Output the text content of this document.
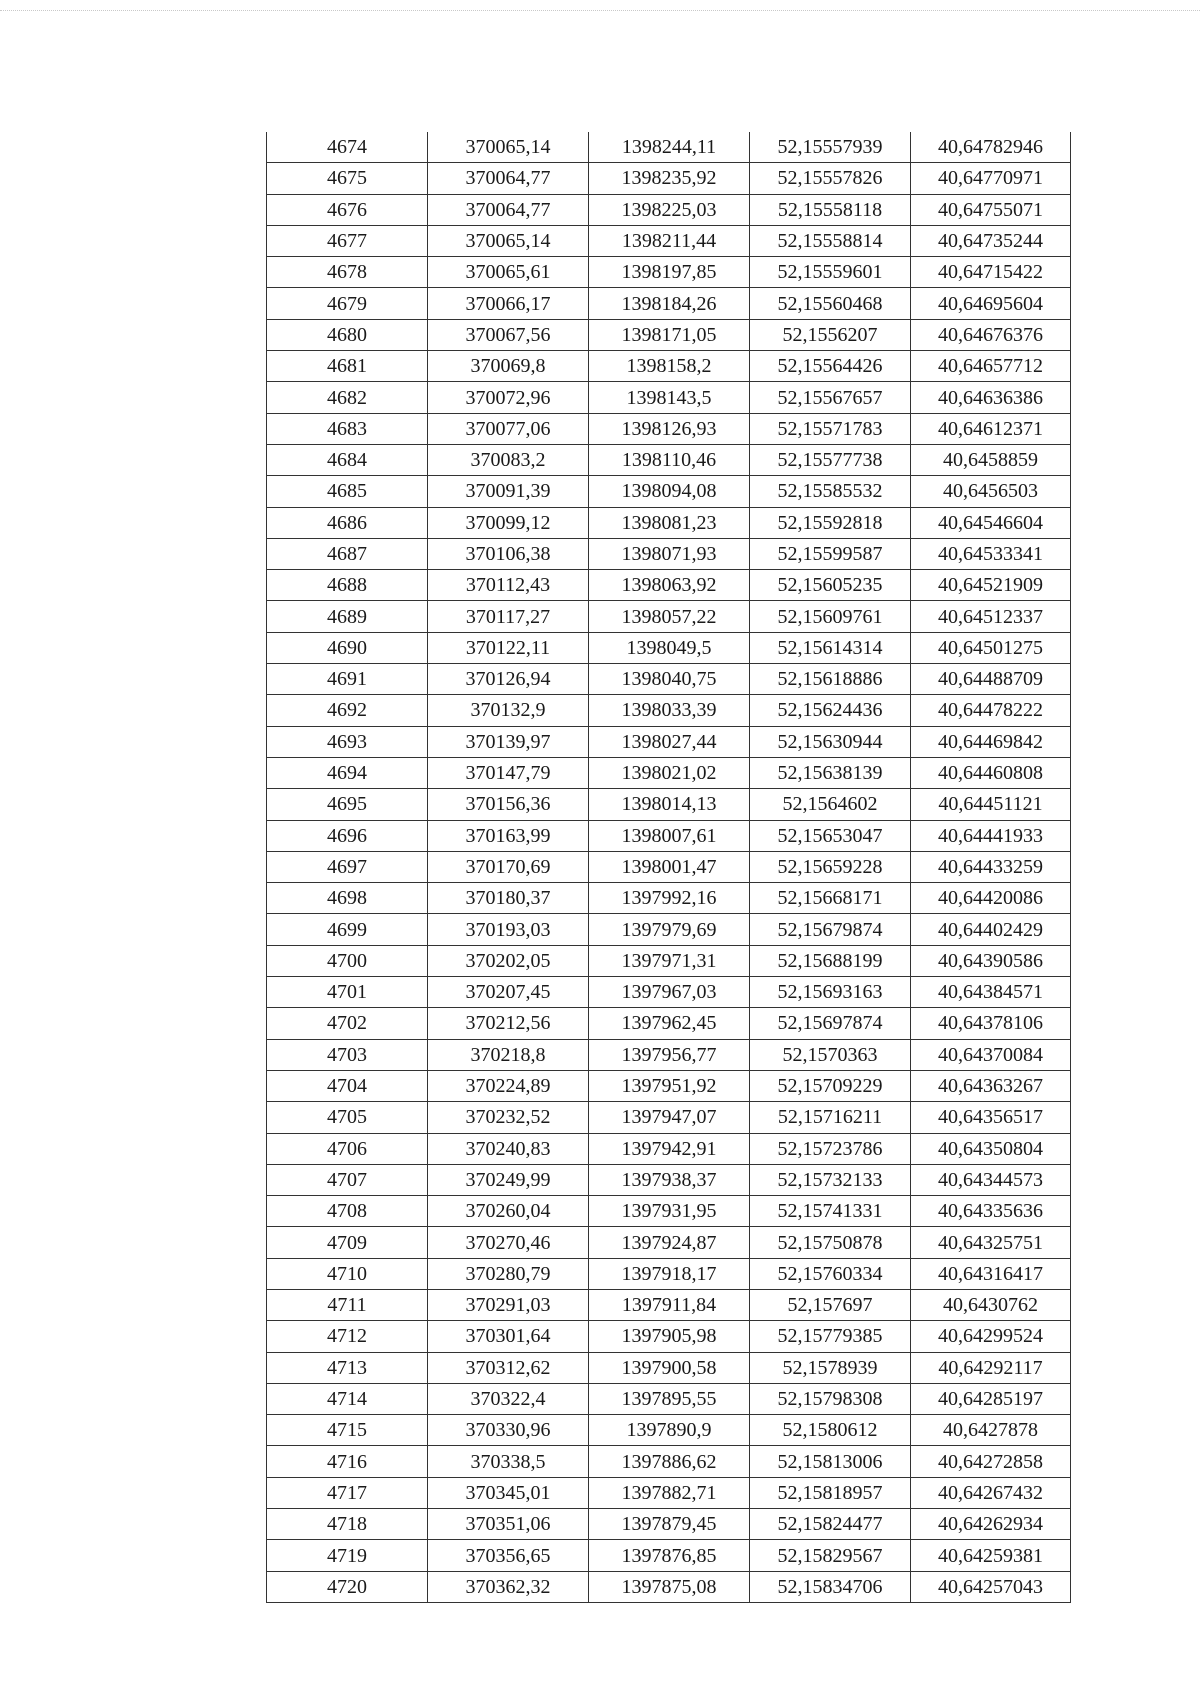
4674	370065,14	1398244,11	52,15557939	40,64782946
4675	370064,77	1398235,92	52,15557826	40,64770971
4676	370064,77	1398225,03	52,15558118	40,64755071
4677	370065,14	1398211,44	52,15558814	40,64735244
4678	370065,61	1398197,85	52,15559601	40,64715422
4679	370066,17	1398184,26	52,15560468	40,64695604
4680	370067,56	1398171,05	52,1556207	40,64676376
4681	370069,8	1398158,2	52,15564426	40,64657712
4682	370072,96	1398143,5	52,15567657	40,64636386
4683	370077,06	1398126,93	52,15571783	40,64612371
4684	370083,2	1398110,46	52,15577738	40,6458859
4685	370091,39	1398094,08	52,15585532	40,6456503
4686	370099,12	1398081,23	52,15592818	40,64546604
4687	370106,38	1398071,93	52,15599587	40,64533341
4688	370112,43	1398063,92	52,15605235	40,64521909
4689	370117,27	1398057,22	52,15609761	40,64512337
4690	370122,11	1398049,5	52,15614314	40,64501275
4691	370126,94	1398040,75	52,15618886	40,64488709
4692	370132,9	1398033,39	52,15624436	40,64478222
4693	370139,97	1398027,44	52,15630944	40,64469842
4694	370147,79	1398021,02	52,15638139	40,64460808
4695	370156,36	1398014,13	52,1564602	40,64451121
4696	370163,99	1398007,61	52,15653047	40,64441933
4697	370170,69	1398001,47	52,15659228	40,64433259
4698	370180,37	1397992,16	52,15668171	40,64420086
4699	370193,03	1397979,69	52,15679874	40,64402429
4700	370202,05	1397971,31	52,15688199	40,64390586
4701	370207,45	1397967,03	52,15693163	40,64384571
4702	370212,56	1397962,45	52,15697874	40,64378106
4703	370218,8	1397956,77	52,1570363	40,64370084
4704	370224,89	1397951,92	52,15709229	40,64363267
4705	370232,52	1397947,07	52,15716211	40,64356517
4706	370240,83	1397942,91	52,15723786	40,64350804
4707	370249,99	1397938,37	52,15732133	40,64344573
4708	370260,04	1397931,95	52,15741331	40,64335636
4709	370270,46	1397924,87	52,15750878	40,64325751
4710	370280,79	1397918,17	52,15760334	40,64316417
4711	370291,03	1397911,84	52,157697	40,6430762
4712	370301,64	1397905,98	52,15779385	40,64299524
4713	370312,62	1397900,58	52,1578939	40,64292117
4714	370322,4	1397895,55	52,15798308	40,64285197
4715	370330,96	1397890,9	52,1580612	40,6427878
4716	370338,5	1397886,62	52,15813006	40,64272858
4717	370345,01	1397882,71	52,15818957	40,64267432
4718	370351,06	1397879,45	52,15824477	40,64262934
4719	370356,65	1397876,85	52,15829567	40,64259381
4720	370362,32	1397875,08	52,15834706	40,64257043
